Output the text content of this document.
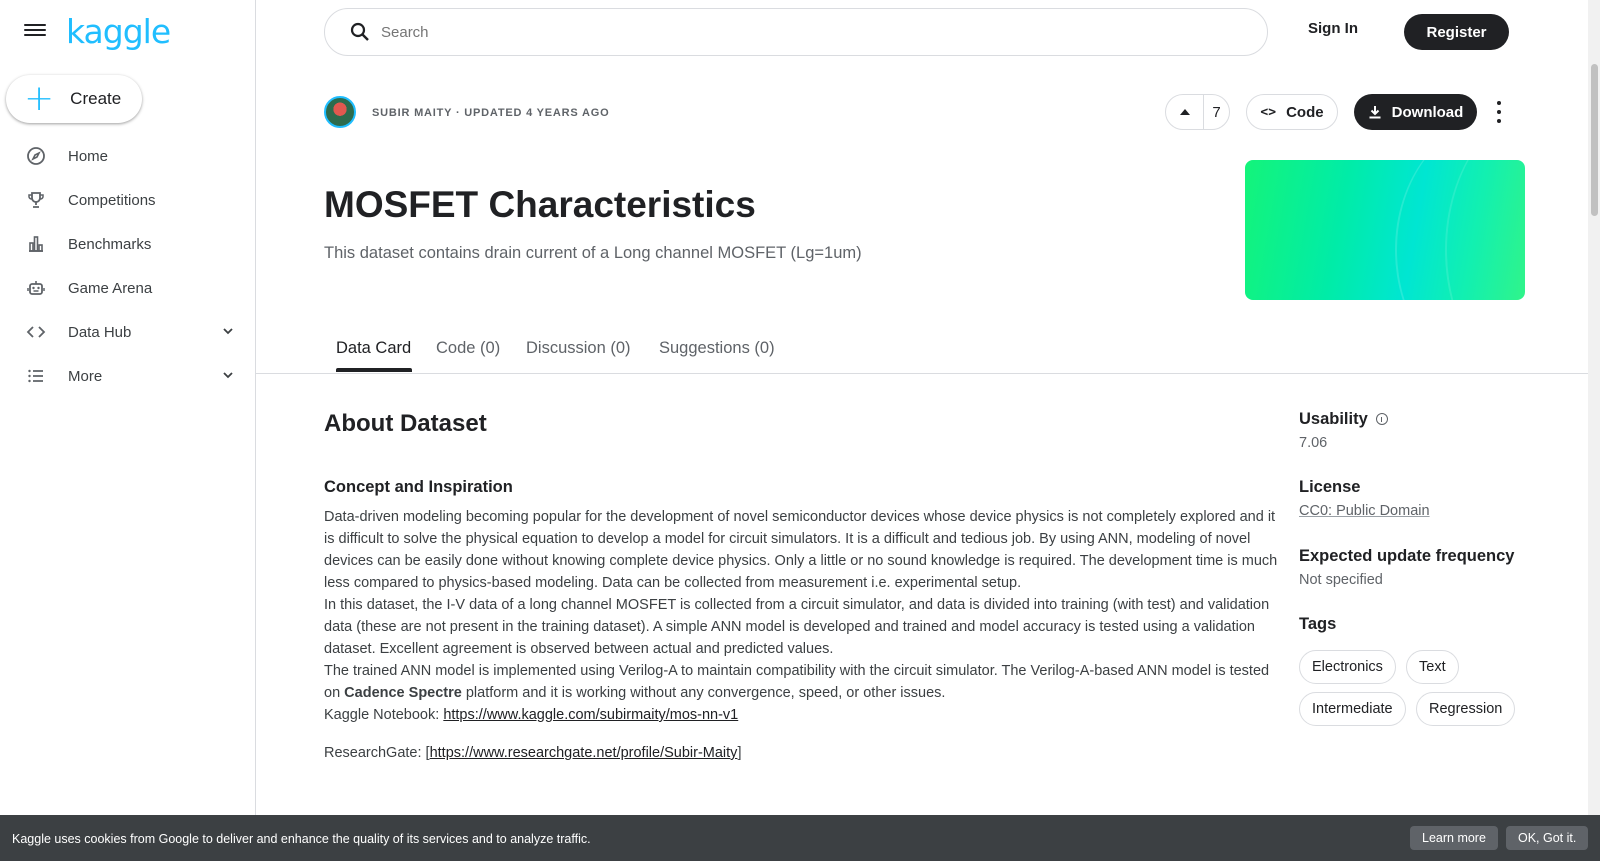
kaggle
+ Create
Home
Competitions
Benchmarks
Game Arena
Data Hub
More
Search
Sign In	Register
SUBIR MAITY · UPDATED 4 YEARS AGO	7	<> Code	Download
MOSFET Characteristics
This dataset contains drain current of a Long channel MOSFET (Lg=1um)
Data Card Code (0) Discussion (0) Suggestions (0)
About Dataset
Concept and Inspiration

Data-driven modeling becoming popular for the development of novel semiconductor devices whose device physics is not completely explored and it is difficult to solve the physical equation to develop a model for circuit simulators. It is a difficult and tedious job. By using ANN, modeling of novel devices can be easily done without knowing complete device physics. Only a little or no sound knowledge is required. The development time is much less compared to physics-based modeling. Data can be collected from measurement i.e. experimental setup.

In this dataset, the I-V data of a long channel MOSFET is collected from a circuit simulator, and data is divided into training (with test) and validation data (these are not present in the training dataset). A simple ANN model is developed and trained and model accuracy is tested using a validation dataset. Excellent agreement is observed between actual and predicted values.

The trained ANN model is implemented using Verilog-A to maintain compatibility with the circuit simulator. The Verilog-A-based ANN model is tested on Cadence Spectre platform and it is working without any convergence, speed, or other issues.

Kaggle Notebook: https://www.kaggle.com/subirmaity/mos-nn-v1

ResearchGate: [https://www.researchgate.net/profile/Subir-Maity]

Usability
7.06
License
CC0: Public Domain
Expected update frequency
Not specified
Tags
Electronics	Text
Intermediate	Regression
Kaggle uses cookies from Google to deliver and enhance the quality of its services and to analyze traffic.	Learn more	OK, Got it.
